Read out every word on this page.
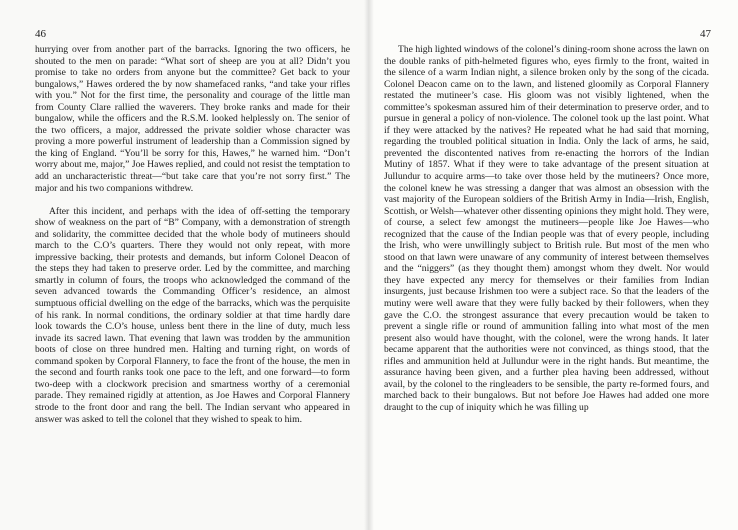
46

hurrying over from another part of the barracks. Ignoring the two officers, he shouted to the men on parade: “What sort of sheep are you at all? Didn’t you promise to take no orders from anyone but the committee? Get back to your bungalows,” Hawes ordered the by now shamefaced ranks, “and take your rifles with you.” Not for the first time, the personality and courage of the little man from County Clare rallied the waverers. They broke ranks and made for their bungalow, while the officers and the R.S.M. looked helplessly on. The senior of the two officers, a major, addressed the private soldier whose character was proving a more powerful instrument of leadership than a Commission signed by the king of England. “You’ll be sorry for this, Hawes,” he warned him. “Don’t worry about me, major,” Joe Hawes replied, and could not resist the temptation to add an uncharacteristic threat—“but take care that you’re not sorry first.” The major and his two companions withdrew.

After this incident, and perhaps with the idea of off-setting the temporary show of weakness on the part of “B” Company, with a demonstration of strength and solidarity, the committee decided that the whole body of mutineers should march to the C.O’s quarters. There they would not only repeat, with more impressive backing, their protests and demands, but inform Colonel Deacon of the steps they had taken to preserve order. Led by the committee, and marching smartly in column of fours, the troops who acknowledged the command of the seven advanced towards the Commanding Officer’s residence, an almost sumptuous official dwelling on the edge of the barracks, which was the perquisite of his rank. In normal conditions, the ordinary soldier at that time hardly dare look towards the C.O’s house, unless bent there in the line of duty, much less invade its sacred lawn. That evening that lawn was trodden by the ammunition boots of close on three hundred men. Halting and turning right, on words of command spoken by Corporal Flannery, to face the front of the house, the men in the second and fourth ranks took one pace to the left, and one forward—to form two-deep with a clockwork precision and smartness worthy of a ceremonial parade. They remained rigidly at attention, as Joe Hawes and Corporal Flannery strode to the front door and rang the bell. The Indian servant who appeared in answer was asked to tell the colonel that they wished to speak to him.

47

The high lighted windows of the colonel’s dining-room shone across the lawn on the double ranks of pith-helmeted figures who, eyes firmly to the front, waited in the silence of a warm Indian night, a silence broken only by the song of the cicada. Colonel Deacon came on to the lawn, and listened gloomily as Corporal Flannery restated the mutineer’s case. His gloom was not visibly lightened, when the committee’s spokesman assured him of their determination to preserve order, and to pursue in general a policy of non-violence. The colonel took up the last point. What if they were attacked by the natives? He repeated what he had said that morning, regarding the troubled political situation in India. Only the lack of arms, he said, prevented the discontented natives from re-enacting the horrors of the Indian Mutiny of 1857. What if they were to take advantage of the present situation at Jullundur to acquire arms—to take over those held by the mutineers? Once more, the colonel knew he was stressing a danger that was almost an obsession with the vast majority of the European soldiers of the British Army in India—Irish, English, Scottish, or Welsh—whatever other dissenting opinions they might hold. They were, of course, a select few amongst the mutineers—people like Joe Hawes—who recognized that the cause of the Indian people was that of every people, including the Irish, who were unwillingly subject to British rule. But most of the men who stood on that lawn were unaware of any community of interest between themselves and the “niggers” (as they thought them) amongst whom they dwelt. Nor would they have expected any mercy for themselves or their families from Indian insurgents, just because Irishmen too were a subject race. So that the leaders of the mutiny were well aware that they were fully backed by their followers, when they gave the C.O. the strongest assurance that every precaution would be taken to prevent a single rifle or round of ammunition falling into what most of the men present also would have thought, with the colonel, were the wrong hands. It later became apparent that the authorities were not convinced, as things stood, that the rifles and ammunition held at Jullundur were in the right hands. But meantime, the assurance having been given, and a further plea having been addressed, without avail, by the colonel to the ringleaders to be sensible, the party re-formed fours, and marched back to their bungalows. But not before Joe Hawes had added one more draught to the cup of iniquity which he was filling up
